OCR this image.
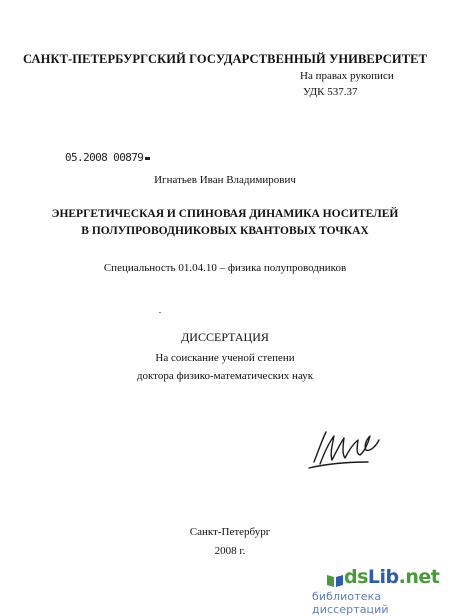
САНКТ-ПЕТЕРБУРГСКИЙ ГОСУДАРСТВЕННЫЙ УНИВЕРСИТЕТ
На правах рукописи
УДК 537.37
05.2008 00879
Игнатьев Иван Владимирович
ЭНЕРГЕТИЧЕСКАЯ И СПИНОВАЯ ДИНАМИКА НОСИТЕЛЕЙ
В ПОЛУПРОВОДНИКОВЫХ КВАНТОВЫХ ТОЧКАХ
Специальность 01.04.10 – физика полупроводников
ДИССЕРТАЦИЯ
На соискание ученой степени
доктора физико-математических наук
Санкт-Петербург
2008 г.
dsLib.net
библиотека диссертаций
